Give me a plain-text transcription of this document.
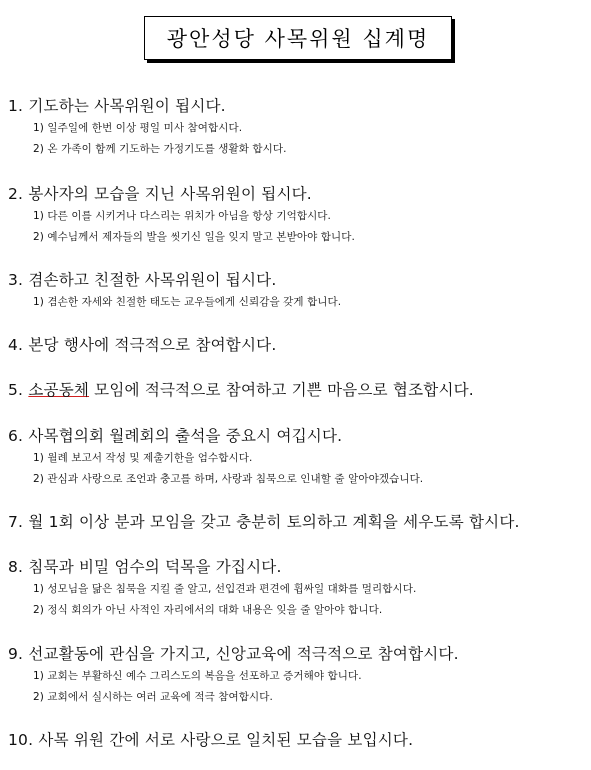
광안성당 사목위원 십계명
1. 기도하는 사목위원이 됩시다.
1) 일주일에 한번 이상 평일 미사 참여합시다.
2) 온 가족이 함께 기도하는 가정기도를 생활화 합시다.
2. 봉사자의 모습을 지닌 사목위원이 됩시다.
1) 다른 이를 시키거나 다스리는 위치가 아님을 항상 기억합시다.
2) 예수님께서 제자들의 발을 씻기신 일을 잊지 말고 본받아야 합니다.
3. 겸손하고 친절한 사목위원이 됩시다.
1) 겸손한 자세와 친절한 태도는 교우들에게 신뢰감을 갖게 합니다.
4. 본당 행사에 적극적으로 참여합시다.
5. 소공동체 모임에 적극적으로 참여하고 기쁜 마음으로 협조합시다.
6. 사목협의회 월례회의 출석을 중요시 여깁시다.
1) 월례 보고서 작성 및 제출기한을 엄수합시다.
2) 관심과 사랑으로 조언과 충고를 하며, 사랑과 침묵으로 인내할 줄 알아야겠습니다.
7. 월 1회 이상 분과 모임을 갖고 충분히 토의하고 계획을 세우도록 합시다.
8. 침묵과 비밀 엄수의 덕목을 가집시다.
1) 성모님을 닮은 침묵을 지킬 줄 알고, 선입견과 편견에 휩싸일 대화를 멀리합시다.
2) 정식 회의가 아닌 사적인 자리에서의 대화 내용은 잊을 줄 알아야 합니다.
9. 선교활동에 관심을 가지고, 신앙교육에 적극적으로 참여합시다.
1) 교회는 부활하신 예수 그리스도의 복음을 선포하고 증거해야 합니다.
2) 교회에서 실시하는 여러 교육에 적극 참여합시다.
10. 사목 위원 간에 서로 사랑으로 일치된 모습을 보입시다.
